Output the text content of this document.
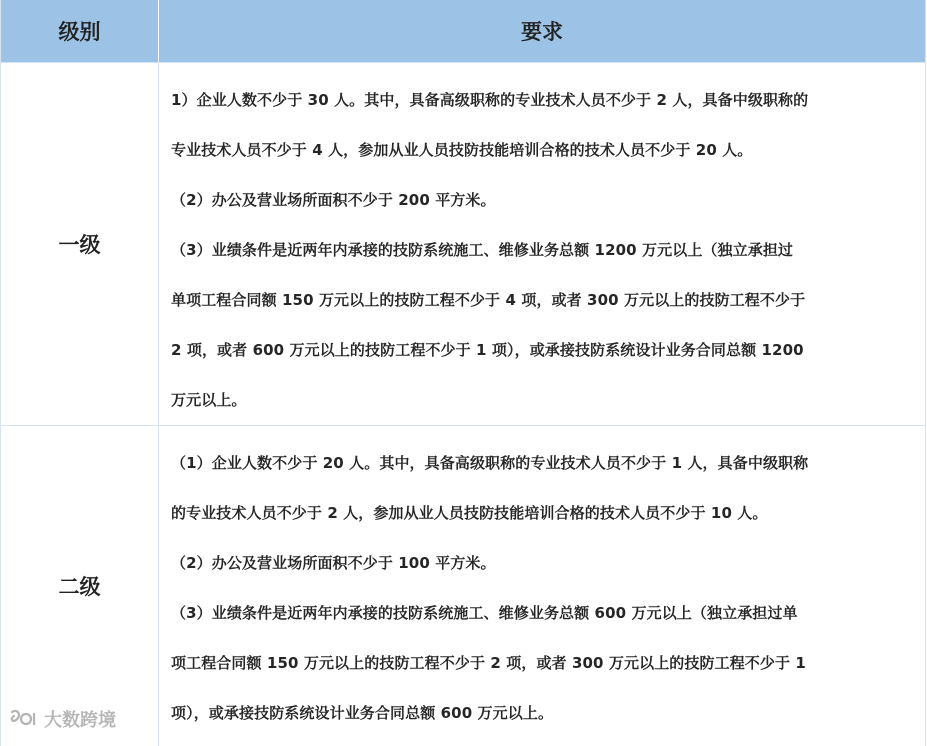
级别	要求
一级

1）企业人数不少于 30 人。其中，具备高级职称的专业技术人员不少于 2 人，具备中级职称的

专业技术人员不少于 4 人，参加从业人员技防技能培训合格的技术人员不少于 20 人。

（2）办公及营业场所面积不少于 200 平方米。

（3）业绩条件是近两年内承接的技防系统施工、维修业务总额 1200 万元以上（独立承担过

单项工程合同额 150 万元以上的技防工程不少于 4 项，或者 300 万元以上的技防工程不少于

2 项，或者 600 万元以上的技防工程不少于 1 项），或承接技防系统设计业务合同总额 1200

万元以上。

二级

（1）企业人数不少于 20 人。其中，具备高级职称的专业技术人员不少于 1 人，具备中级职称

的专业技术人员不少于 2 人，参加从业人员技防技能培训合格的技术人员不少于 10 人。

（2）办公及营业场所面积不少于 100 平方米。

（3）业绩条件是近两年内承接的技防系统施工、维修业务总额 600 万元以上（独立承担过单

项工程合同额 150 万元以上的技防工程不少于 2 项，或者 300 万元以上的技防工程不少于 1

项），或承接技防系统设计业务合同总额 600 万元以上。

大数跨境
